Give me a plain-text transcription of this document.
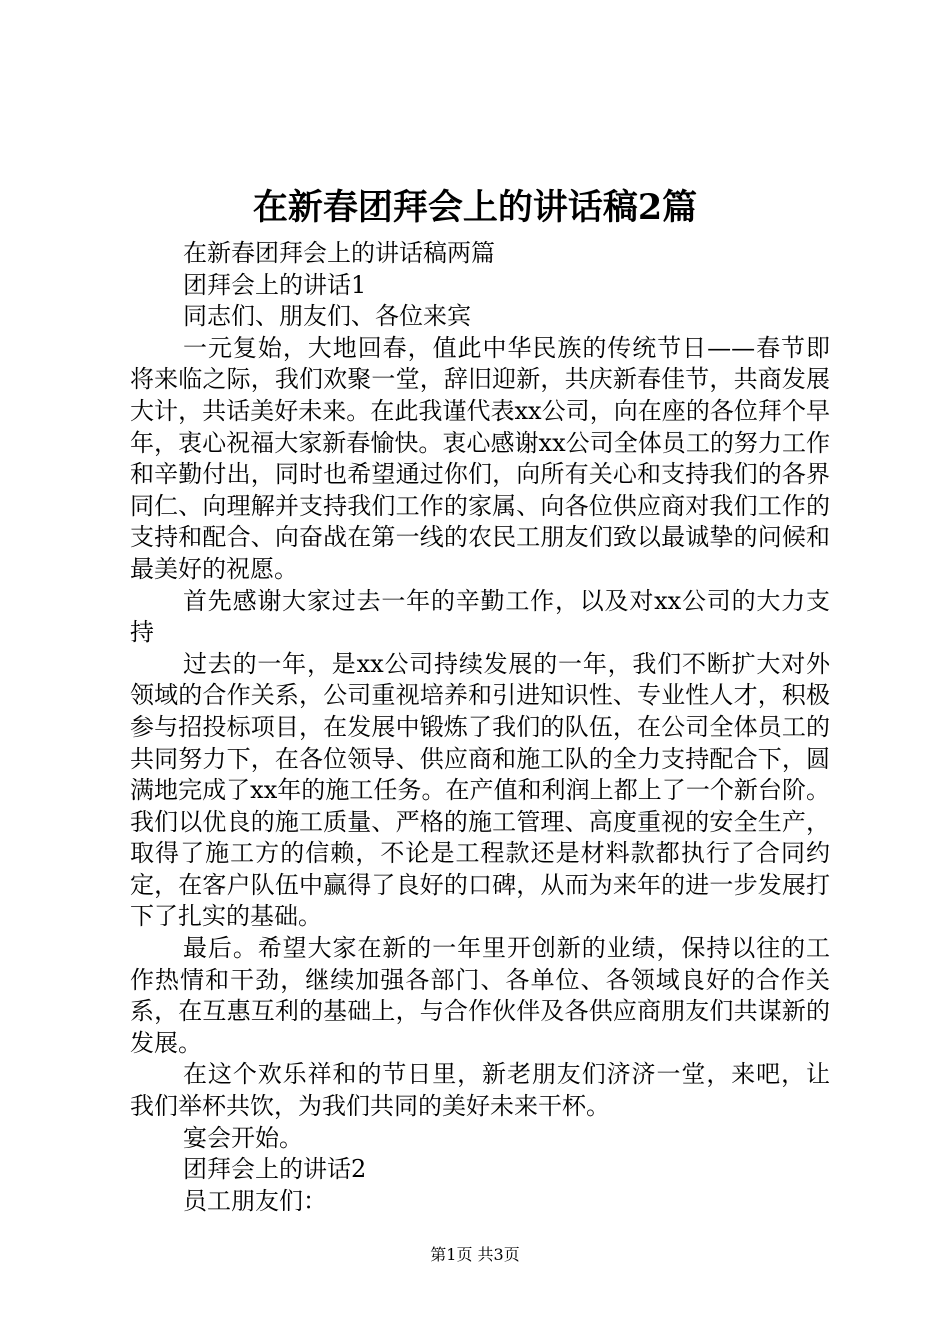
在新春团拜会上的讲话稿2篇

在新春团拜会上的讲话稿两篇

团拜会上的讲话1

同志们、朋友们、各位来宾

一元复始，大地回春，值此中华民族的传统节日——春节即将来临之际，我们欢聚一堂，辞旧迎新，共庆新春佳节，共商发展大计，共话美好未来。在此我谨代表xx公司，向在座的各位拜个早年，衷心祝福大家新春愉快。衷心感谢xx公司全体员工的努力工作和辛勤付出，同时也希望通过你们，向所有关心和支持我们的各界同仁、向理解并支持我们工作的家属、向各位供应商对我们工作的支持和配合、向奋战在第一线的农民工朋友们致以最诚挚的问候和最美好的祝愿。

首先感谢大家过去一年的辛勤工作，以及对xx公司的大力支持

过去的一年，是xx公司持续发展的一年，我们不断扩大对外领域的合作关系，公司重视培养和引进知识性、专业性人才，积极参与招投标项目，在发展中锻炼了我们的队伍，在公司全体员工的共同努力下，在各位领导、供应商和施工队的全力支持配合下，圆满地完成了xx年的施工任务。在产值和利润上都上了一个新台阶。我们以优良的施工质量、严格的施工管理、高度重视的安全生产，取得了施工方的信赖，不论是工程款还是材料款都执行了合同约定，在客户队伍中赢得了良好的口碑，从而为来年的进一步发展打下了扎实的基础。

最后。希望大家在新的一年里开创新的业绩，保持以往的工作热情和干劲，继续加强各部门、各单位、各领域良好的合作关系，在互惠互利的基础上，与合作伙伴及各供应商朋友们共谋新的发展。

在这个欢乐祥和的节日里，新老朋友们济济一堂，来吧，让我们举杯共饮，为我们共同的美好未来干杯。

宴会开始。

团拜会上的讲话2

员工朋友们：

第1页 共3页
